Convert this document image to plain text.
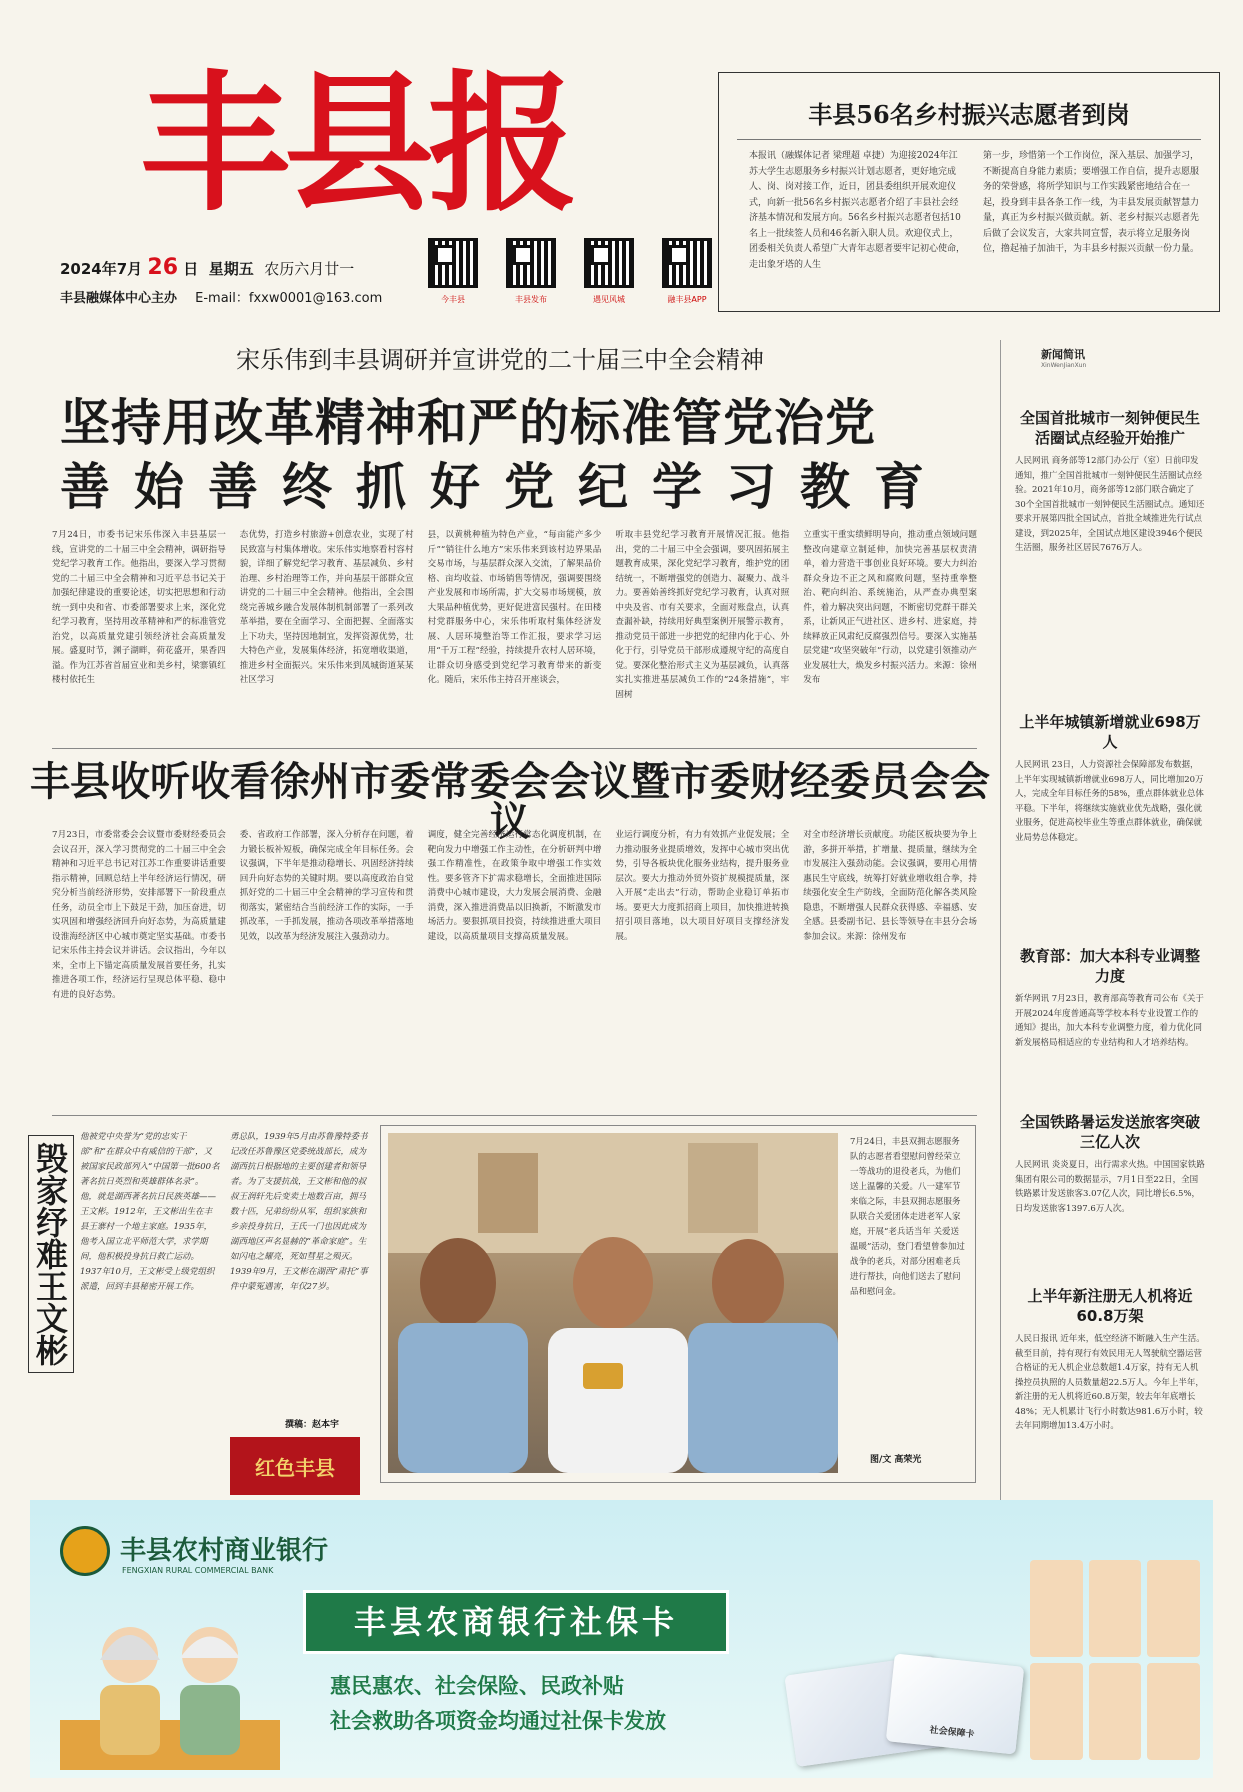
丰县报
2024年7月 26 日 星期五 农历六月廿一
丰县融媒体中心主办 E-mail：fxxw0001@163.com	今丰县	丰县发布	遇见风城	融丰县APP
丰县56名乡村振兴志愿者到岗
本报讯（融媒体记者 梁理超 卓捷）为迎接2024年江苏大学生志愿服务乡村振兴计划志愿者，更好地完成人、岗、岗对接工作，近日，团县委组织开展欢迎仪式，向新一批56名乡村振兴志愿者介绍了丰县社会经济基本情况和发展方向。56名乡村振兴志愿者包括10名上一批续签人员和46名新入职人员。欢迎仪式上，团委相关负责人希望广大青年志愿者要牢记初心使命，走出象牙塔的人生
第一步，珍惜第一个工作岗位，深入基层、加强学习，不断提高自身能力素质；要增强工作自信，提升志愿服务的荣誉感，将所学知识与工作实践紧密地结合在一起，投身到丰县各条工作一线，为丰县发展贡献智慧力量，真正为乡村振兴做贡献。新、老乡村振兴志愿者先后做了会议发言，大家共同宣誓，表示将立足服务岗位，撸起袖子加油干，为丰县乡村振兴贡献一份力量。
宋乐伟到丰县调研并宣讲党的二十届三中全会精神
坚持用改革精神和严的标准管党治党
善始善终抓好党纪学习教育
7月24日，市委书记宋乐伟深入丰县基层一线，宣讲党的二十届三中全会精神，调研指导党纪学习教育工作。他指出，要深入学习贯彻党的二十届三中全会精神和习近平总书记关于加强纪律建设的重要论述，切实把思想和行动统一到中央和省、市委部署要求上来，深化党纪学习教育，坚持用改革精神和严的标准管党治党，以高质量党建引领经济社会高质量发展。盛夏时节，渊子湖畔，荷花盛开，果香四溢。作为江苏省首届宣业和美乡村，梁寨镇红楼村依托生
态优势，打造乡村旅游+创意农业，实现了村民致富与村集体增收。宋乐伟实地察看村容村貌，详细了解党纪学习教育、基层减负、乡村治理、乡村治理等工作，并向基层干部群众宣讲党的二十届三中全会精神。他指出，全会围绕完善城乡融合发展体制机制部署了一系列改革举措，要在全面学习、全面把握、全面落实上下功夫，坚持因地制宜，发挥资源优势，壮大特色产业，发展集体经济，拓宽增收渠道，推进乡村全面振兴。宋乐伟来到凤城街道某某社区学习
县，以黄桃种植为特色产业，“每亩能产多少斤”“销往什么地方”宋乐伟来到该村边界果品交易市场，与基层群众深入交流，了解果品价格、亩均收益、市场销售等情况，强调要围绕产业发展和市场所需，扩大交易市场规模，放大果品种植优势，更好促进富民强村。在田楼村党群服务中心，宋乐伟听取村集体经济发展、人居环境整治等工作汇报，要求学习运用“千万工程”经验，持续提升农村人居环境，让群众切身感受到党纪学习教育带来的新变化。随后，宋乐伟主持召开座谈会，
听取丰县党纪学习教育开展情况汇报。他指出，党的二十届三中全会强调，要巩固拓展主题教育成果，深化党纪学习教育，维护党的团结统一，不断增强党的创造力、凝聚力、战斗力。要善始善终抓好党纪学习教育，认真对照中央及省、市有关要求，全面对账盘点，认真查漏补缺，持续用好典型案例开展警示教育，推动党员干部进一步把党的纪律内化于心、外化于行，引导党员干部形成遵规守纪的高度自觉。要深化整治形式主义为基层减负，认真落实扎实推进基层减负工作的“24条措施”，牢固树
立重实干重实绩鲜明导向，推动重点领域问题整改向建章立制延伸，加快完善基层权责清单，着力营造干事创业良好环境。要大力纠治群众身边不正之风和腐败问题，坚持重拳整治、靶向纠治、系统施治，从严查办典型案件，着力解决突出问题，不断密切党群干群关系，让新风正气进社区、进乡村、进家庭，持续释放正风肃纪反腐强烈信号。要深入实施基层党建“攻坚突破年”行动，以党建引领推动产业发展壮大，焕发乡村振兴活力。来源：徐州发布
丰县收听收看徐州市委常委会会议暨市委财经委员会会议
7月23日，市委常委会会议暨市委财经委员会会议召开，深入学习贯彻党的二十届三中全会精神和习近平总书记对江苏工作重要讲话重要指示精神，回顾总结上半年经济运行情况，研究分析当前经济形势，安排部署下一阶段重点任务，动员全市上下鼓足干劲，加压奋进，切实巩固和增强经济回升向好态势，为高质量建设淮海经济区中心城市奠定坚实基础。市委书记宋乐伟主持会议并讲话。会议指出，今年以来，全市上下锚定高质量发展首要任务，扎实推进各项工作，经济运行呈现总体平稳、稳中有进的良好态势。
委、省政府工作部署，深入分析存在问题，着力锻长板补短板，确保完成全年目标任务。会议强调，下半年是推动稳增长、巩固经济持续回升向好态势的关键时期。要以高度政治自觉抓好党的二十届三中全会精神的学习宣传和贯彻落实，紧密结合当前经济工作的实际，一手抓改革，一手抓发展，推动各项改革举措落地见效，以改革为经济发展注入强劲动力。
调度，健全完善经济运行常态化调度机制，在靶向发力中增强工作主动性，在分析研判中增强工作精准性，在政策争取中增强工作实效性。要多管齐下扩需求稳增长，全面推进国际消费中心城市建设，大力发展会展消费、金融消费，深入推进消费品以旧换新，不断激发市场活力。要狠抓项目投资，持续推进重大项目建设，以高质量项目支撑高质量发展。
业运行调度分析，有力有效抓产业促发展；全力推动服务业提质增效，发挥中心城市突出优势，引导各板块优化服务业结构，提升服务业层次。要大力推动外贸外资扩规模提质量，深入开展“走出去”行动，帮助企业稳订单拓市场。要更大力度抓招商上项目，加快推进转换招引项目落地，以大项目好项目支撑经济发展。
对全市经济增长贡献度。功能区板块要为争上游，多拼开举措，扩增量、提质量，继续为全市发展注入强劲动能。会议强调，要用心用情惠民生守底线，统筹打好就业增收组合拳，持续强化安全生产防线，全面防范化解各类风险隐患，不断增强人民群众获得感、幸福感、安全感。县委副书记、县长等领导在丰县分会场参加会议。来源：徐州发布
毁家纾难王文彬
他被党中央誉为“党的忠实干部”和“在群众中有威信的干部”，又被国家民政部列入“中国第一批600名著名抗日英烈和英雄群体名录”。他，就是湖西著名抗日民族英雄——王文彬。1912年，王文彬出生在丰县王寨村一个地主家庭。1935年，他考入国立北平师范大学，求学期间，他积极投身抗日救亡运动。1937年10月，王文彬受上级党组织派遣，回到丰县秘密开展工作。
勇总队，1939年5月由苏鲁豫特委书记改任苏鲁豫区党委统战部长，成为湖西抗日根据地的主要创建者和领导者。为了支援抗战，王文彬和他的叔叔王润轩先后变卖土地数百亩，拥马数十匹，兄弟纷纷从军，组织家族和乡亲投身抗日，王氏一门也因此成为湖西地区声名显赫的“革命家庭”。生如闪电之耀亮，死如彗星之殒灭。1939年9月，王文彬在湖西“肃托”事件中蒙冤遇害，年仅27岁。
撰稿：赵本宇
红色丰县
7月24日，丰县双拥志愿服务队的志愿者看望慰问曾经荣立一等战功的退役老兵，为他们送上温馨的关爱。八一建军节来临之际，丰县双拥志愿服务队联合关爱团体走进老军人家庭，开展“老兵话当年 关爱送温暖”活动，登门看望曾参加过战争的老兵，对部分困难老兵进行帮扶，向他们送去了慰问品和慰问金。
图/文 高荣光
新闻简讯
XinWenJianXun
全国首批城市一刻钟便民生活圈试点经验开始推广

人民网讯 商务部等12部门办公厅（室）日前印发通知，推广全国首批城市一刻钟便民生活圈试点经验。2021年10月，商务部等12部门联合确定了30个全国首批城市一刻钟便民生活圈试点。通知还要求开展第四批全国试点，首批全域推进先行试点建设，到2025年，全国试点地区建设3946个便民生活圈，服务社区居民7676万人。

上半年城镇新增就业698万人

人民网讯 23日，人力资源社会保障部发布数据，上半年实现城镇新增就业698万人，同比增加20万人，完成全年目标任务的58%，重点群体就业总体平稳。下半年，将继续实施就业优先战略，强化就业服务，促进高校毕业生等重点群体就业，确保就业局势总体稳定。

教育部：加大本科专业调整力度

新华网讯 7月23日，教育部高等教育司公布《关于开展2024年度普通高等学校本科专业设置工作的通知》提出，加大本科专业调整力度，着力优化同新发展格局相适应的专业结构和人才培养结构。

全国铁路暑运发送旅客突破三亿人次

人民网讯 炎炎夏日，出行需求火热。中国国家铁路集团有限公司的数据显示，7月1日至22日，全国铁路累计发送旅客3.07亿人次，同比增长6.5%，日均发送旅客1397.6万人次。

上半年新注册无人机将近60.8万架

人民日报讯 近年来，低空经济不断融入生产生活。截至目前，持有现行有效民用无人驾驶航空器运营合格证的无人机企业总数超1.4万家，持有无人机操控员执照的人员数量超22.5万人。今年上半年，新注册的无人机将近60.8万架，较去年年底增长48%；无人机累计飞行小时数达981.6万小时，较去年同期增加13.4万小时。

丰县农村商业银行
FENGXIAN RURAL COMMERCIAL BANK
丰县农商银行社保卡
惠民惠农、社会保险、民政补贴
社会救助各项资金均通过社保卡发放	社会保障卡
